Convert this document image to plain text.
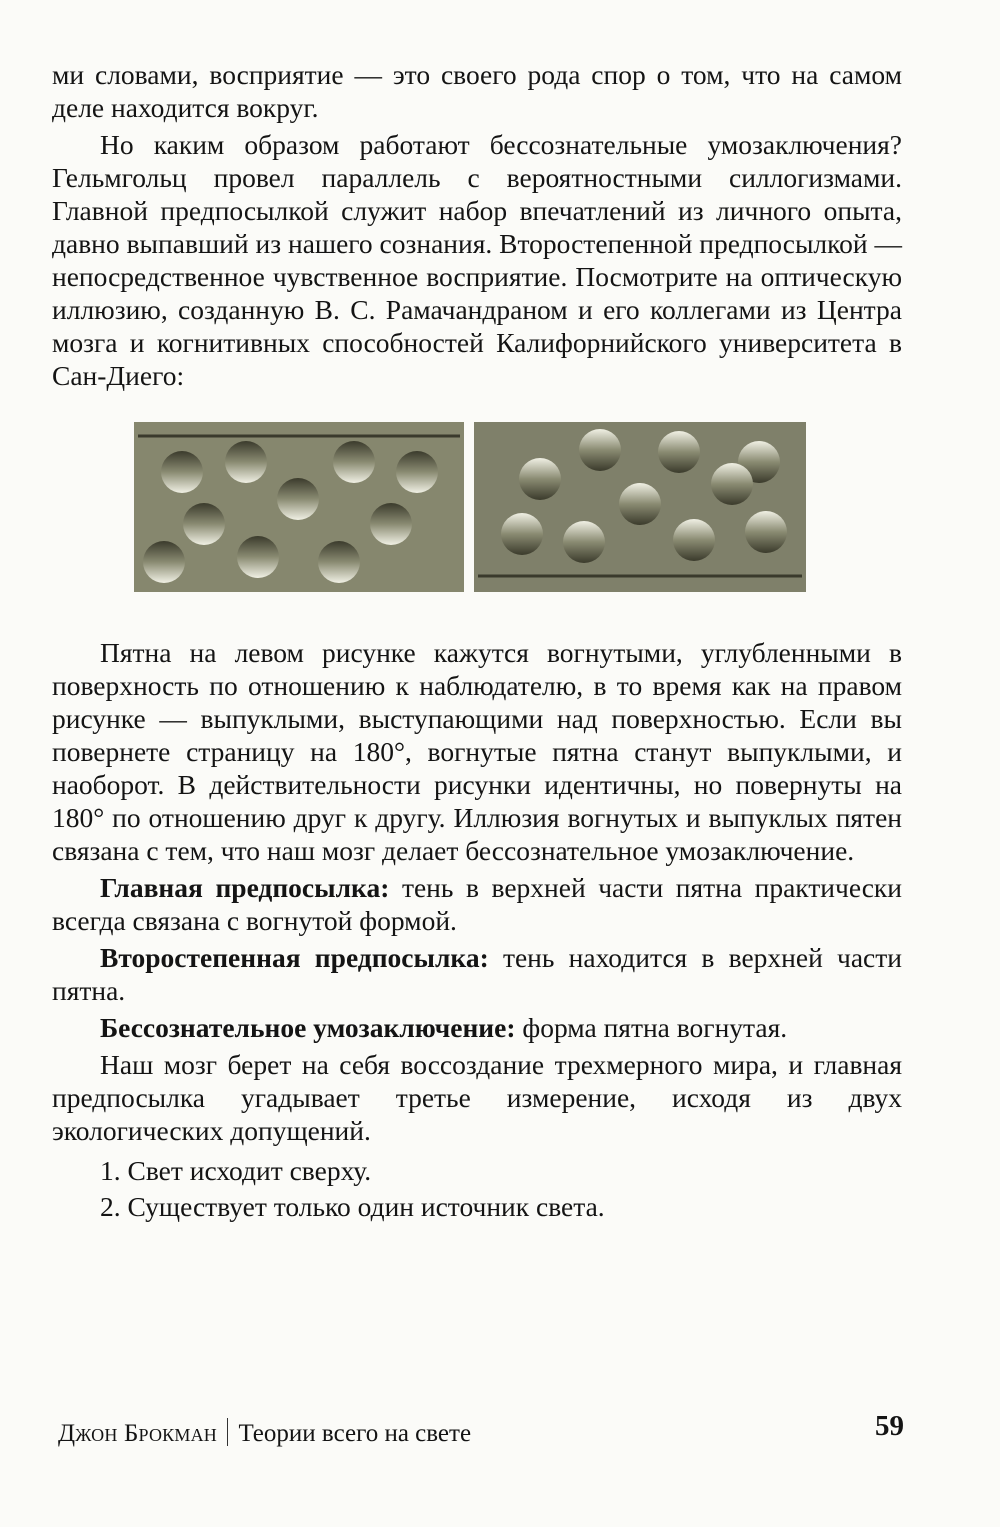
ми словами, восприятие — это своего рода спор о том, что на самом деле находится вокруг.

Но каким образом работают бессознательные умозаключения? Гельмгольц провел параллель с вероятностными силлогизмами. Главной предпосылкой служит набор впечатлений из личного опыта, давно выпавший из нашего сознания. Второстепенной предпосылкой — непосредственное чувственное восприятие. Посмотрите на оптическую иллюзию, созданную В. С. Рамачандраном и его коллегами из Центра мозга и когнитивных способностей Калифорнийского университета в Сан-Диего:

Пятна на левом рисунке кажутся вогнутыми, углубленными в поверхность по отношению к наблюдателю, в то время как на правом рисунке — выпуклыми, выступающими над поверхностью. Если вы повернете страницу на 180°, вогнутые пятна станут выпуклыми, и наоборот. В действительности рисунки идентичны, но повернуты на 180° по отношению друг к другу. Иллюзия вогнутых и выпуклых пятен связана с тем, что наш мозг делает бессознательное умозаключение.

Главная предпосылка: тень в верхней части пятна практически всегда связана с вогнутой формой.

Второстепенная предпосылка: тень находится в верхней части пятна.

Бессознательное умозаключение: форма пятна вогнутая.

Наш мозг берет на себя воссоздание трехмерного мира, и главная предпосылка угадывает третье измерение, исходя из двух экологических допущений.

1. Свет исходит сверху.
2. Существует только один источник света.
Джон Брокман Теории всего на свете	59
